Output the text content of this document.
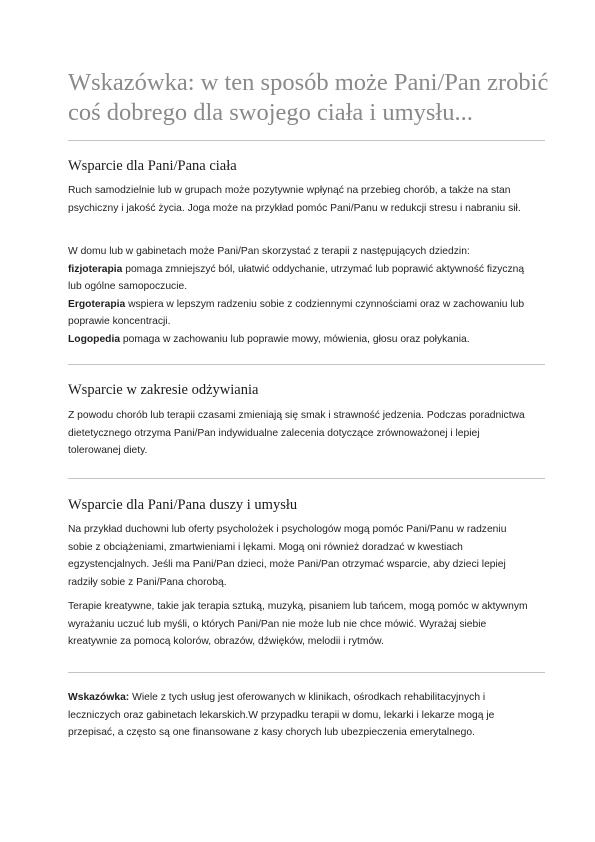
Wskazówka: w ten sposób może Pani/Pan zrobić coś dobrego dla swojego ciała i umysłu...
Wsparcie dla Pani/Pana ciała

Ruch samodzielnie lub w grupach może pozytywnie wpłynąć na przebieg chorób, a także na stan psychiczny i jakość życia. Joga może na przykład pomóc Pani/Panu w redukcji stresu i nabraniu sił.

W domu lub w gabinetach może Pani/Pan skorzystać z terapii z następujących dziedzin:
fizjoterapia pomaga zmniejszyć ból, ułatwić oddychanie, utrzymać lub poprawić aktywność fizyczną lub ogólne samopoczucie.
Ergoterapia wspiera w lepszym radzeniu sobie z codziennymi czynnościami oraz w zachowaniu lub poprawie koncentracji.
Logopedia pomaga w zachowaniu lub poprawie mowy, mówienia, głosu oraz połykania.
Wsparcie w zakresie odżywiania

Z powodu chorób lub terapii czasami zmieniają się smak i strawność jedzenia. Podczas poradnictwa dietetycznego otrzyma Pani/Pan indywidualne zalecenia dotyczące zrównoważonej i lepiej tolerowanej diety.

Wsparcie dla Pani/Pana duszy i umysłu

Na przykład duchowni lub oferty psycholożek i psychologów mogą pomóc Pani/Panu w radzeniu sobie z obciążeniami, zmartwieniami i lękami. Mogą oni również doradzać w kwestiach egzystencjalnych. Jeśli ma Pani/Pan dzieci, może Pani/Pan otrzymać wsparcie, aby dzieci lepiej radziły sobie z Pani/Pana chorobą.

Terapie kreatywne, takie jak terapia sztuką, muzyką, pisaniem lub tańcem, mogą pomóc w aktywnym wyrażaniu uczuć lub myśli, o których Pani/Pan nie może lub nie chce mówić. Wyrażaj siebie kreatywnie za pomocą kolorów, obrazów, dźwięków, melodii i rytmów.

Wskazówka: Wiele z tych usług jest oferowanych w klinikach, ośrodkach rehabilitacyjnych i leczniczych oraz gabinetach lekarskich.W przypadku terapii w domu, lekarki i lekarze mogą je przepisać, a często są one finansowane z kasy chorych lub ubezpieczenia emerytalnego.
